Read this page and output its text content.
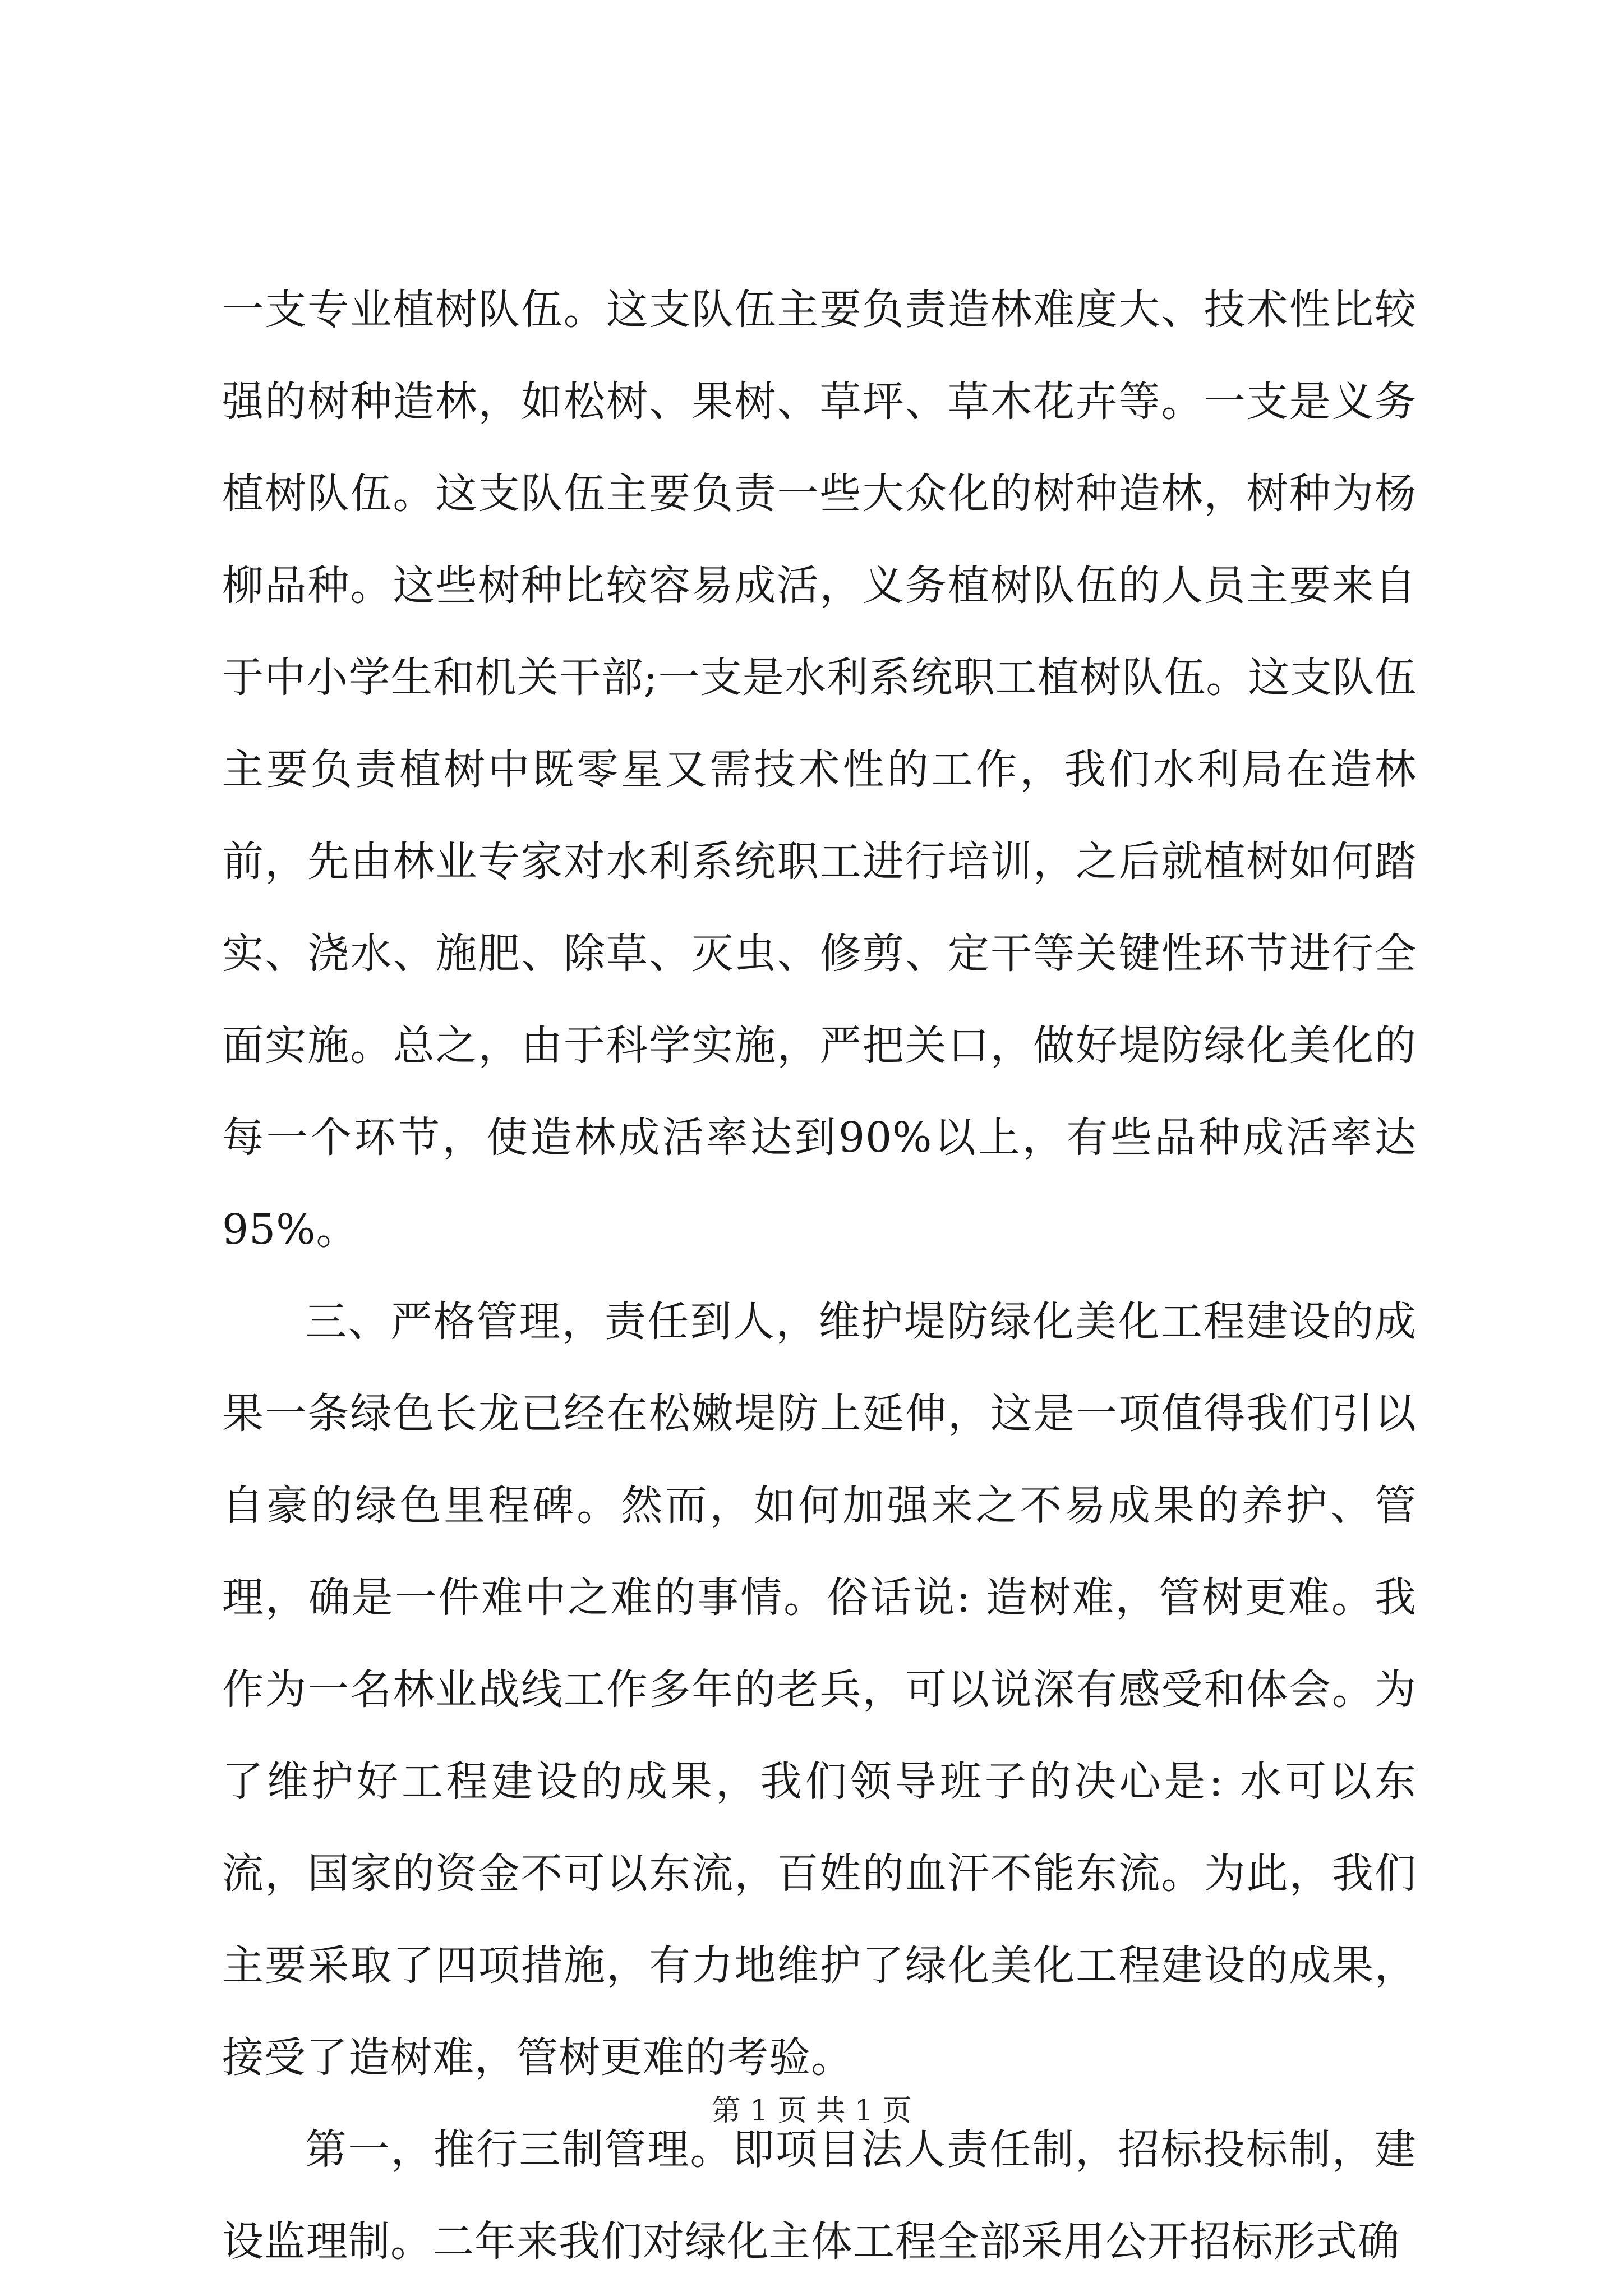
一支专业植树队伍。这支队伍主要负责造林难度大、技术性比较强的树种造林，如松树、果树、草坪、草木花卉等。一支是义务植树队伍。这支队伍主要负责一些大众化的树种造林，树种为杨柳品种。这些树种比较容易成活，义务植树队伍的人员主要来自于中小学生和机关干部;一支是水利系统职工植树队伍。这支队伍主要负责植树中既零星又需技术性的工作，我们水利局在造林前，先由林业专家对水利系统职工进行培训，之后就植树如何踏实、浇水、施肥、除草、灭虫、修剪、定干等关键性环节进行全面实施。总之，由于科学实施，严把关口，做好堤防绿化美化的每一个环节，使造林成活率达到90%以上，有些品种成活率达95%。

三、严格管理，责任到人，维护堤防绿化美化工程建设的成果一条绿色长龙已经在松嫩堤防上延伸，这是一项值得我们引以自豪的绿色里程碑。然而，如何加强来之不易成果的养护、管理，确是一件难中之难的事情。俗话说: 造树难，管树更难。我作为一名林业战线工作多年的老兵，可以说深有感受和体会。为了维护好工程建设的成果，我们领导班子的决心是: 水可以东流，国家的资金不可以东流，百姓的血汗不能东流。为此，我们主要采取了四项措施，有力地维护了绿化美化工程建设的成果，接受了造树难，管树更难的考验。

第一，推行三制管理。即项目法人责任制，招标投标制，建设监理制。二年来我们对绿化主体工程全部采用公开招标形式确

第 1 页 共 1 页
